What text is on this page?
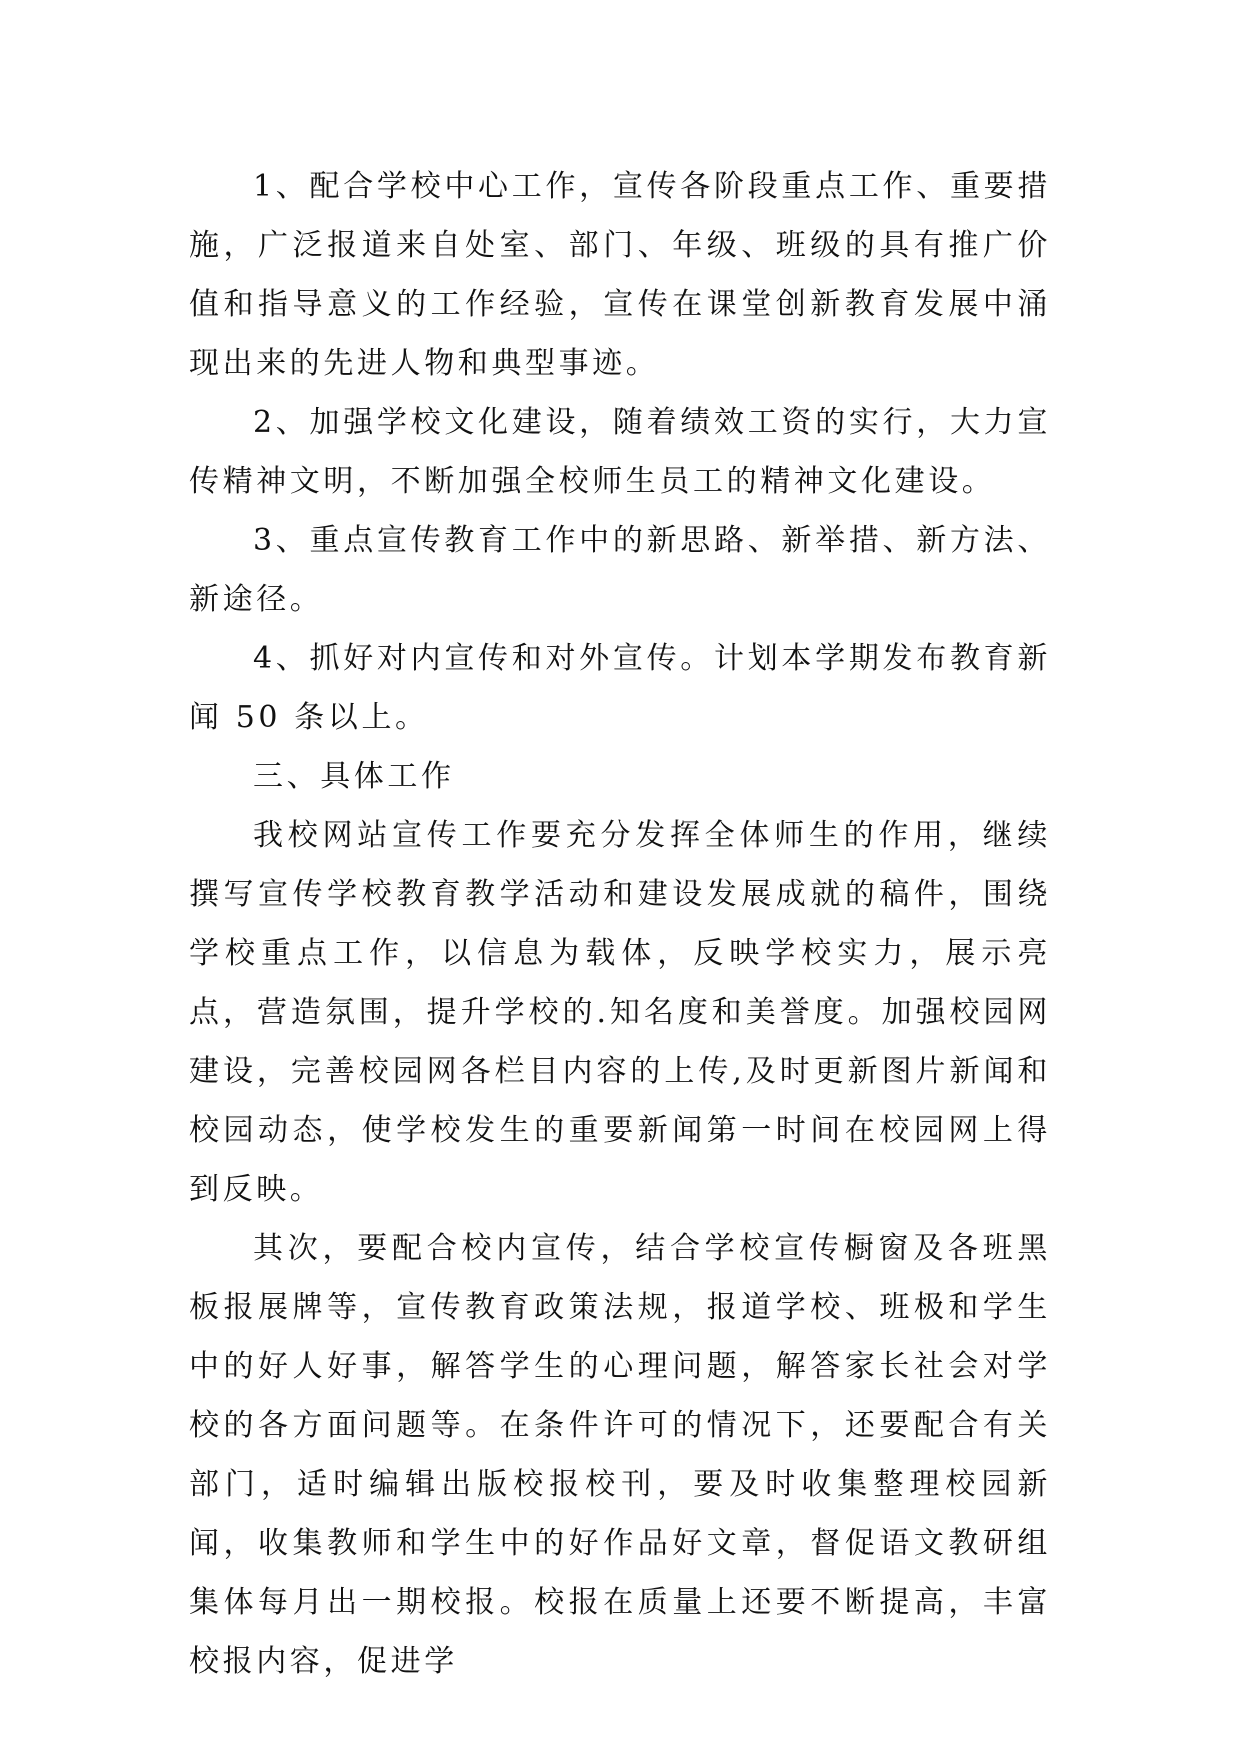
1、配合学校中心工作，宣传各阶段重点工作、重要措施，广泛报道来自处室、部门、年级、班级的具有推广价值和指导意义的工作经验，宣传在课堂创新教育发展中涌现出来的先进人物和典型事迹。

2、加强学校文化建设，随着绩效工资的实行，大力宣传精神文明，不断加强全校师生员工的精神文化建设。

3、重点宣传教育工作中的新思路、新举措、新方法、新途径。

4、抓好对内宣传和对外宣传。计划本学期发布教育新闻 50 条以上。

三、具体工作

我校网站宣传工作要充分发挥全体师生的作用，继续撰写宣传学校教育教学活动和建设发展成就的稿件，围绕学校重点工作，以信息为载体，反映学校实力，展示亮点，营造氛围，提升学校的.知名度和美誉度。加强校园网建设，完善校园网各栏目内容的上传,及时更新图片新闻和校园动态，使学校发生的重要新闻第一时间在校园网上得到反映。

其次，要配合校内宣传，结合学校宣传橱窗及各班黑板报展牌等，宣传教育政策法规，报道学校、班极和学生中的好人好事，解答学生的心理问题，解答家长社会对学校的各方面问题等。在条件许可的情况下，还要配合有关部门，适时编辑出版校报校刊，要及时收集整理校园新闻，收集教师和学生中的好作品好文章，督促语文教研组集体每月出一期校报。校报在质量上还要不断提高，丰富校报内容，促进学
